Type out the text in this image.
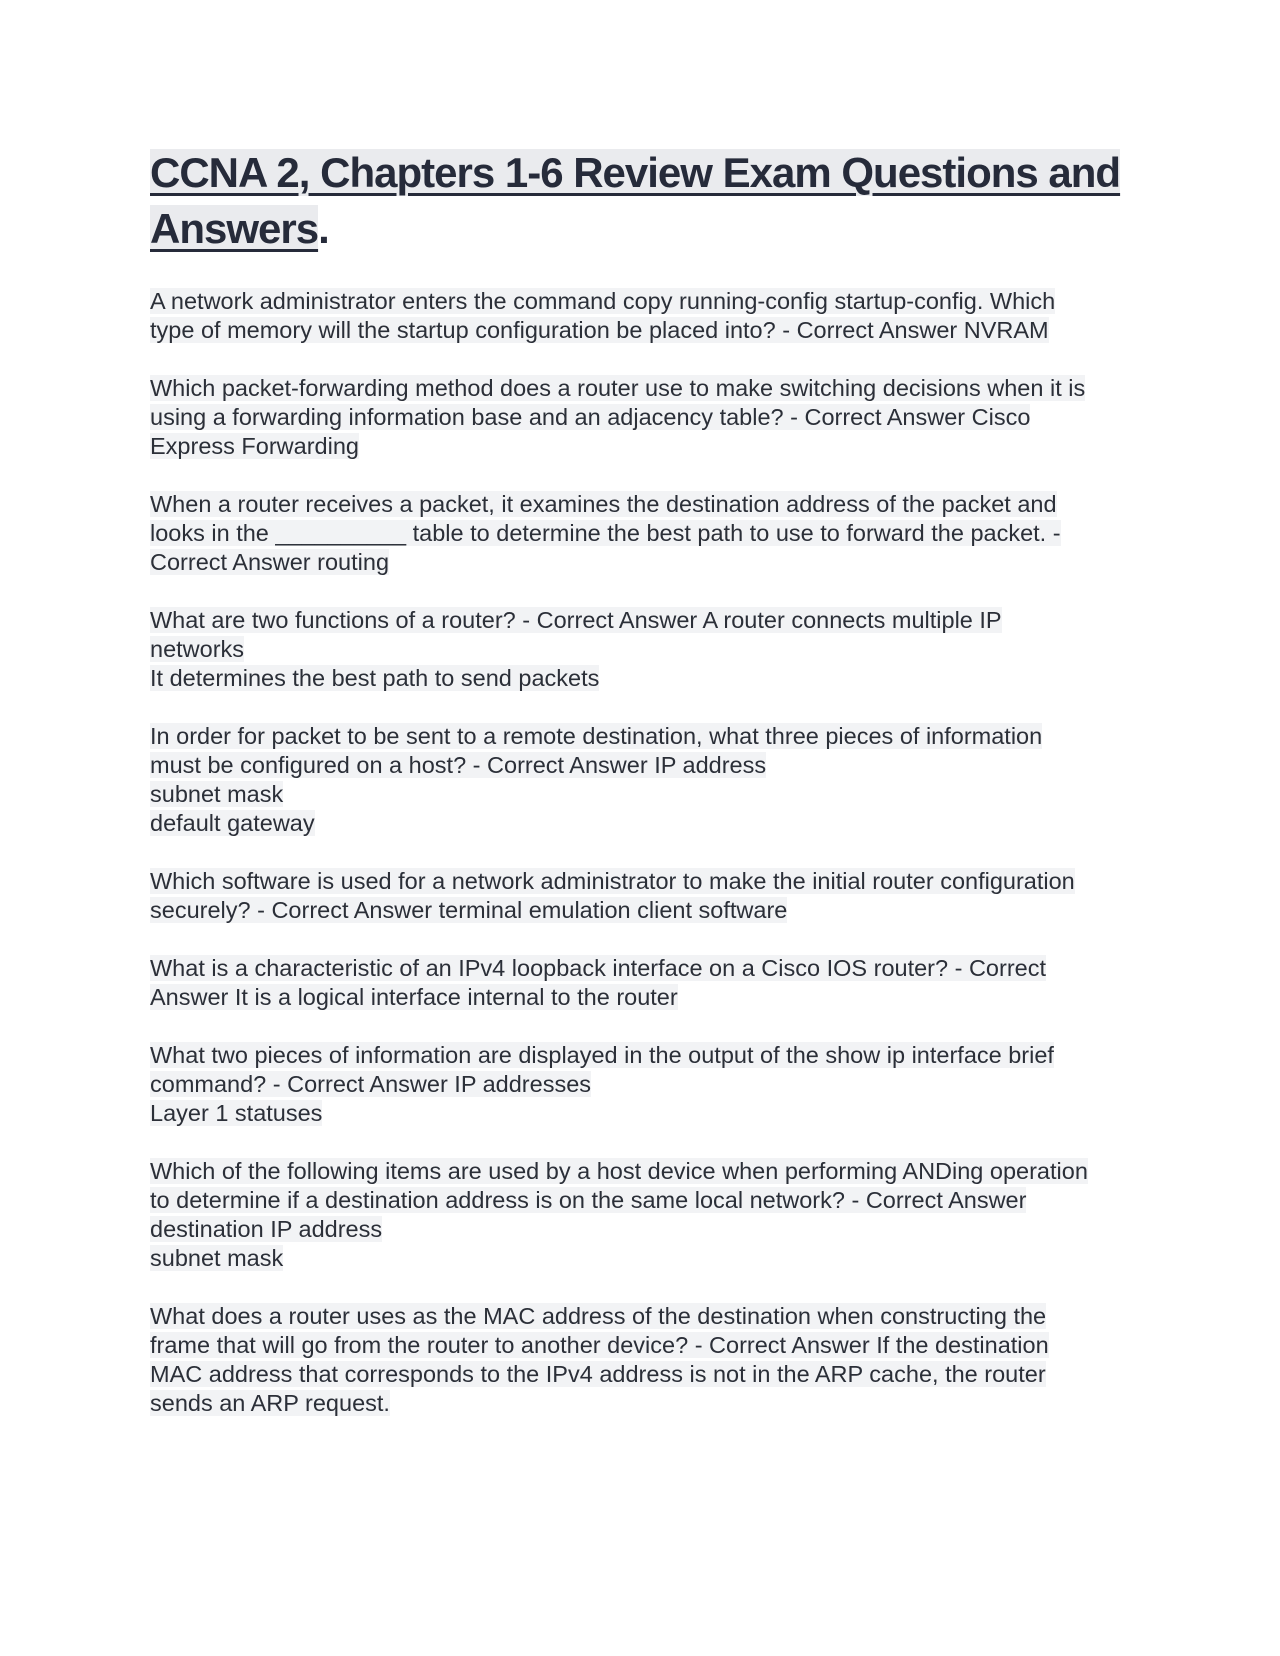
CCNA 2, Chapters 1-6 Review Exam Questions and Answers.
A network administrator enters the command copy running-config startup-config. Which
type of memory will the startup configuration be placed into? - Correct Answer NVRAM
Which packet-forwarding method does a router use to make switching decisions when it is
using a forwarding information base and an adjacency table? - Correct Answer Cisco
Express Forwarding
When a router receives a packet, it examines the destination address of the packet and
looks in the __________ table to determine the best path to use to forward the packet. -
Correct Answer routing
What are two functions of a router? - Correct Answer A router connects multiple IP
networks
It determines the best path to send packets
In order for packet to be sent to a remote destination, what three pieces of information
must be configured on a host? - Correct Answer IP address
subnet mask
default gateway
Which software is used for a network administrator to make the initial router configuration
securely? - Correct Answer terminal emulation client software
What is a characteristic of an IPv4 loopback interface on a Cisco IOS router? - Correct
Answer It is a logical interface internal to the router
What two pieces of information are displayed in the output of the show ip interface brief
command? - Correct Answer IP addresses
Layer 1 statuses
Which of the following items are used by a host device when performing ANDing operation
to determine if a destination address is on the same local network? - Correct Answer
destination IP address
subnet mask
What does a router uses as the MAC address of the destination when constructing the
frame that will go from the router to another device? - Correct Answer If the destination
MAC address that corresponds to the IPv4 address is not in the ARP cache, the router
sends an ARP request.
